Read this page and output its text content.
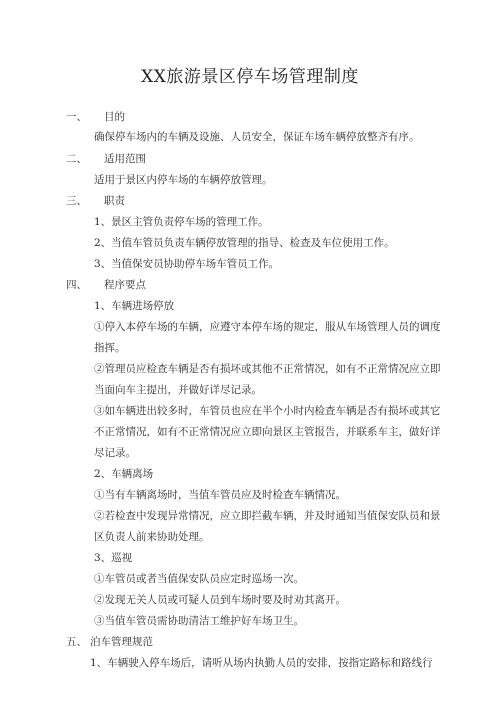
XX旅游景区停车场管理制度
一、 目的
确保停车场内的车辆及设施、人员安全，保证车场车辆停放整齐有序。
二、 适用范围
适用于景区内停车场的车辆停放管理。
三、 职责
1、景区主管负责停车场的管理工作。
2、当值车管员负责车辆停放管理的指导、检查及车位使用工作。
3、当值保安员协助停车场车管员工作。
四、 程序要点
1、车辆进场停放
①停入本停车场的车辆，应遵守本停车场的规定，服从车场管理人员的调度
指挥。
②管理员应检查车辆是否有损坏或其他不正常情况，如有不正常情况应立即
当面向车主提出，并做好详尽记录。
③如车辆进出较多时，车管员也应在半个小时内检查车辆是否有损坏或其它
不正常情况，如有不正常情况应立即向景区主管报告，并联系车主，做好详
尽记录。
2、车辆离场
①当有车辆离场时，当值车管员应及时检查车辆情况。
②若检查中发现异常情况，应立即拦截车辆，并及时通知当值保安队员和景
区负责人前来协助处理。
3、巡视
①车管员或者当值保安队员应定时巡场一次。
②发现无关人员或可疑人员到车场时要及时劝其离开。
③当值车管员需协助清洁工维护好车场卫生。
五、 泊车管理规范
1、车辆驶入停车场后，请听从场内执勤人员的安排，按指定路标和路线行
